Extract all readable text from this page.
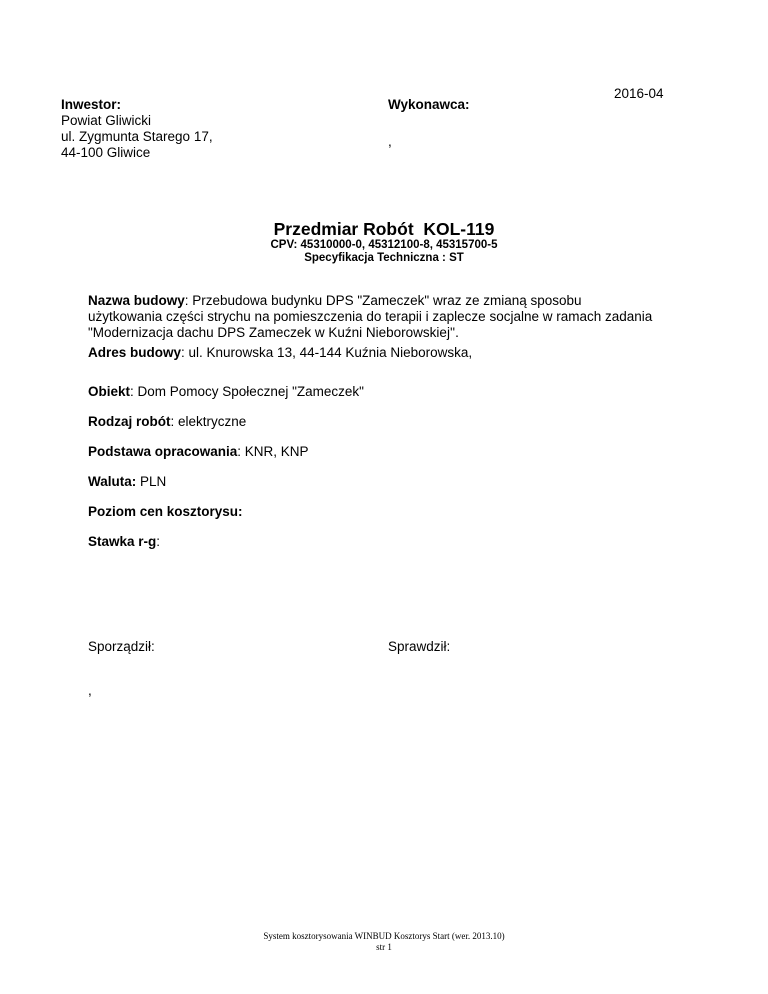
2016-04
Inwestor:
Powiat Gliwicki
ul. Zygmunta Starego 17,
44-100 Gliwice
Wykonawca:
,
Przedmiar Robót  KOL-119
CPV: 45310000-0, 45312100-8, 45315700-5
Specyfikacja Techniczna : ST
Nazwa budowy: Przebudowa budynku DPS "Zameczek" wraz ze zmianą sposobu
użytkowania części strychu na pomieszczenia do terapii i zaplecze socjalne w ramach zadania
"Modernizacja dachu DPS Zameczek w Kuźni Nieborowskiej''.
Adres budowy: ul. Knurowska 13, 44-144 Kuźnia Nieborowska,
Obiekt: Dom Pomocy Społecznej "Zameczek"
Rodzaj robót: elektryczne
Podstawa opracowania: KNR, KNP
Waluta: PLN
Poziom cen kosztorysu:
Stawka r-g:
Sporządził:	Sprawdził:
,
System kosztorysowania WINBUD Kosztorys Start (wer. 2013.10)
str 1
